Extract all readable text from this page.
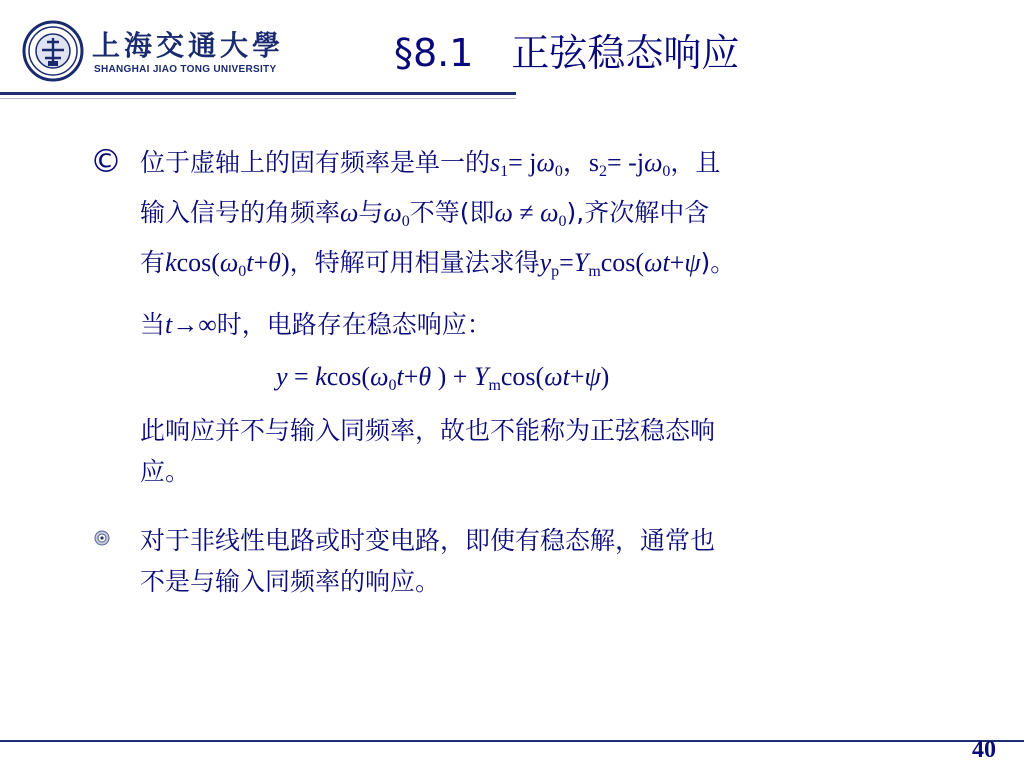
上海交通大學
SHANGHAI JIAO TONG UNIVERSITY	§8.1　正弦稳态响应
© 位于虚轴上的固有频率是单一的$s_1= j\omega_0$，$s_2= -j\omega_0$，且
输入信号的角频率ω与$\omega_0$不等(即$\omega \ne \omega_0$),齐次解中含
有$kcos(\omega_0t+\theta)$，特解可用相量法求得$y_p=Y_m\cos(\omega t+\psi)$。
当t→∞时，电路存在稳态响应：
$y = kcos(\omega_0t+\theta$ ) + $Y_m\cos(\omega t+\psi)$
此响应并不与输入同频率，故也不能称为正弦稳态响
应。
对于非线性电路或时变电路，即使有稳态解，通常也
不是与输入同频率的响应。
40
